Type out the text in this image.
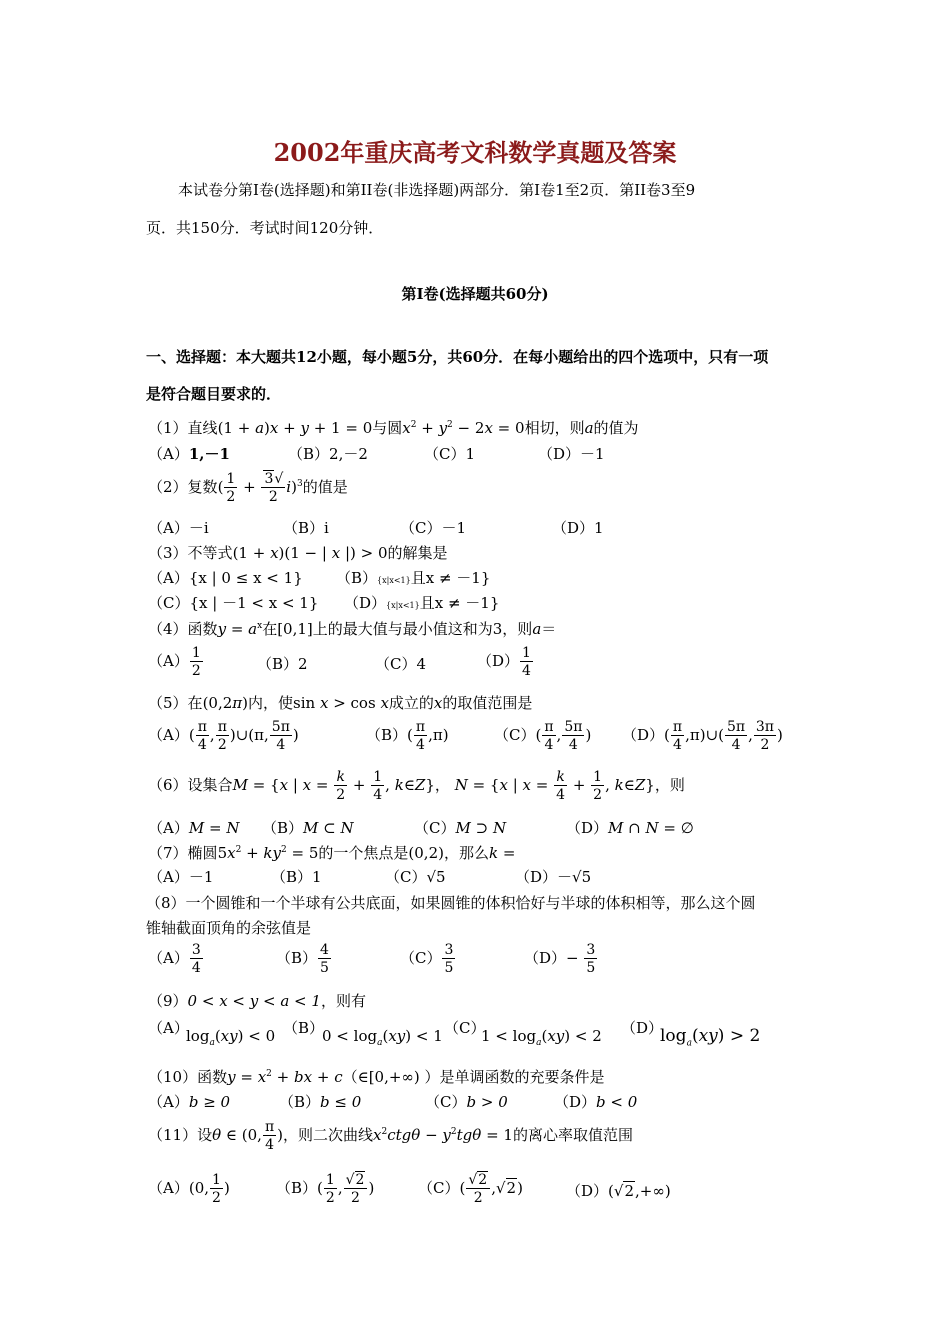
2002年重庆高考文科数学真题及答案
本试卷分第I卷(选择题)和第II卷(非选择题)两部分．第I卷1至2页．第II卷3至9
页．共150分．考试时间120分钟．
第I卷(选择题共60分)
一、选择题：本大题共12小题，每小题5分，共60分．在每小题给出的四个选项中，只有一项
是符合题目要求的．
（1）直线(1 + a)x + y + 1 = 0与圆$x^2 + y^2 - 2x = 0$相切，则a的值为
（A）1,－1	（B）2,－2	（C）1	（D）－1
（2）复数( $\frac{1}{2} + \frac{3√}{2} i)^3$的值是
（A）－i	（B）i	（C）－1	（D）1
（3）不等式(1 + x)(1 − | x |) > 0的解集是
（A）{x | 0 ≤ x < 1} （B）{x|x<1}且x ≠ －1}
（C）{x | －1 < x < 1} （D）{x|x<1}且x ≠ －1}
（4）函数$y = a^x$在[0,1]上的最大值与最小值这和为3，则a＝
$(A) \frac{1}{2}$	（B）2	（C）4	$(D) \frac{1}{4}$
（5）在(0,2π)内，使sin x > cos x成立的x的取值范围是
$(A)( \frac{\pi}{4}$ , $\frac{\pi}{2}$ )∪(π, $\frac{5\pi}{4}$ )	$(B)( \frac{\pi}{4} ,\pi)$	$(C)( \frac{\pi}{4}$ , $\frac{5\pi}{4}$ ) $(D)( \frac{\pi}{4}$ ,π)∪( $\frac{5\pi}{4}$ , $\frac{3\pi}{2}$ )
（6）设集合M = {x | $x = \frac{k}{2} + \frac{1}{4}$ , k∈Z}， N = {x | $x = \frac{k}{4} + \frac{1}{2}$ , k∈Z}，则
（A）M = N （B）M ⊂ N	（C）M ⊃ N	（D）M ∩ N = ∅
（7）椭圆$5x^2 + ky^2 = 5$的一个焦点是(0,2)，那么k =
（A）－1	（B）1	（C）√5	（D）－√5
（8）一个圆锥和一个半球有公共底面，如果圆锥的体积恰好与半球的体积相等，那么这个圆
锥轴截面顶角的余弦值是
$(A) \frac{3}{4}$	$(B) \frac{4}{5}$	$(C) \frac{3}{5}$	$(D)- \frac{3}{5}$
（9）0 < x < y < a < 1，则有
（A）
$\log_a(xy) < 0$ （B）
$0 < \log_a(xy) < 1$ （C）
$1 < \log_a(xy) < 2$ （D）
$\log_a(xy) > 2$
（10）函数$y = x^2$ + bx + c（∈[0,+∞) ）是单调函数的充要条件是
（A）b ≥ 0	（B）b ≤ 0	（C）b > 0	（D）b < 0
（11）设θ ∈ (0, $\frac{\pi}{4}$ )，则二次曲线$x^2ctg\theta - y^2tg\theta = 1$的离心率取值范围
（A）(0, $\frac{1}{2}$ )	$(B)( \frac{1}{2}$ , $\frac{√2}{2}$ )	$(C)( \frac{√2}{2} ,√2)$	（D）(√2,+∞)
